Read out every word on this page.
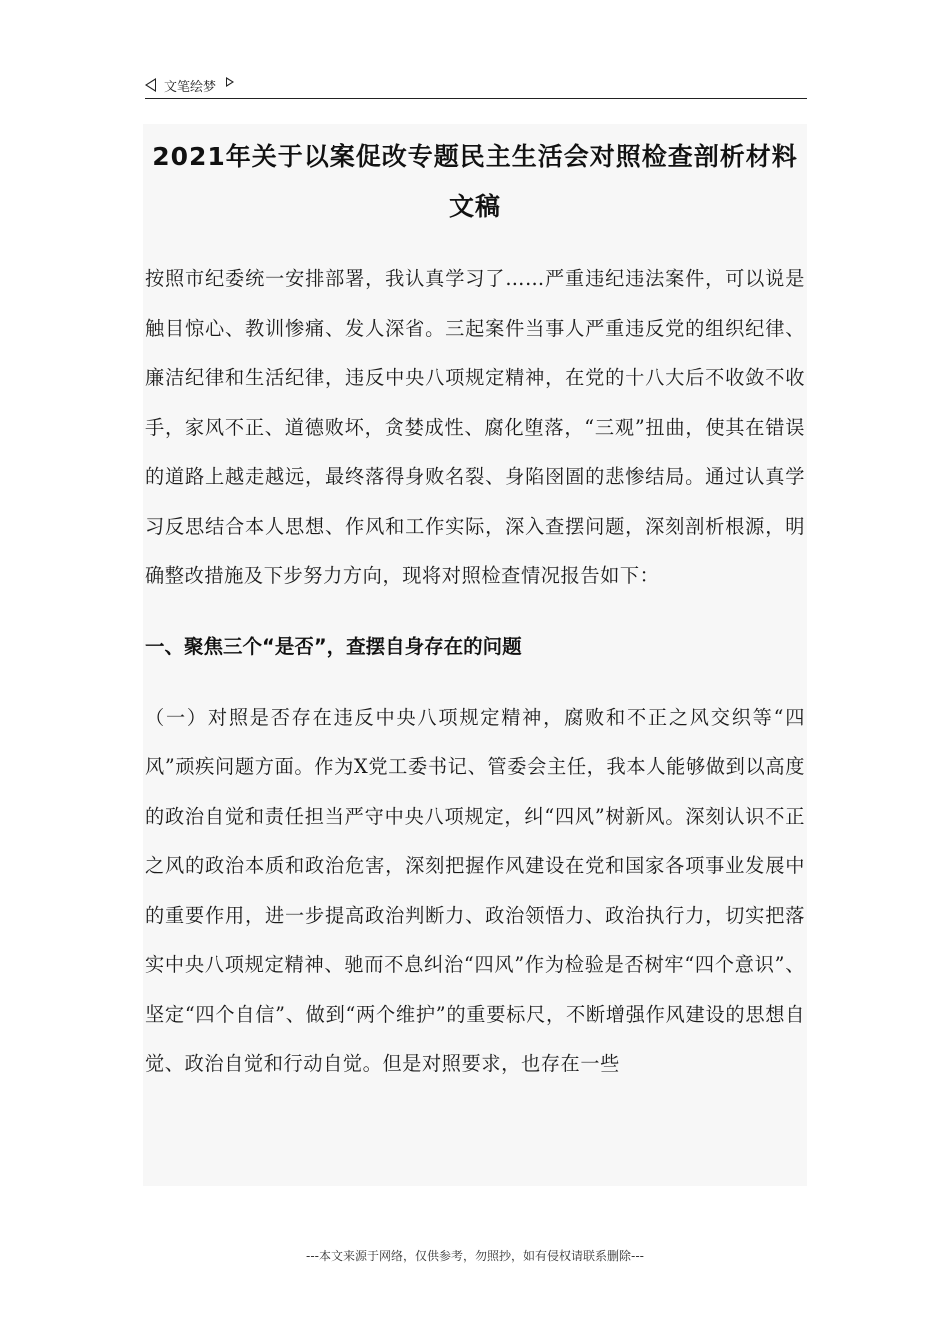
文笔绘梦
2021年关于以案促改专题民主生活会对照检查剖析材料文稿

按照市纪委统一安排部署，我认真学习了……严重违纪违法案件，可以说是触目惊心、教训惨痛、发人深省。三起案件当事人严重违反党的组织纪律、廉洁纪律和生活纪律，违反中央八项规定精神，在党的十八大后不收敛不收手，家风不正、道德败坏，贪婪成性、腐化堕落，“三观”扭曲，使其在错误的道路上越走越远，最终落得身败名裂、身陷囹圄的悲惨结局。通过认真学习反思结合本人思想、作风和工作实际，深入查摆问题，深刻剖析根源，明确整改措施及下步努力方向，现将对照检查情况报告如下：

一、聚焦三个“是否”，查摆自身存在的问题

（一）对照是否存在违反中央八项规定精神，腐败和不正之风交织等“四风”顽疾问题方面。作为X党工委书记、管委会主任，我本人能够做到以高度的政治自觉和责任担当严守中央八项规定，纠“四风”树新风。深刻认识不正之风的政治本质和政治危害，深刻把握作风建设在党和国家各项事业发展中的重要作用，进一步提高政治判断力、政治领悟力、政治执行力，切实把落实中央八项规定精神、驰而不息纠治“四风”作为检验是否树牢“四个意识”、坚定“四个自信”、做到“两个维护”的重要标尺，不断增强作风建设的思想自觉、政治自觉和行动自觉。但是对照要求，也存在一些

---本文来源于网络，仅供参考，勿照抄，如有侵权请联系删除---
